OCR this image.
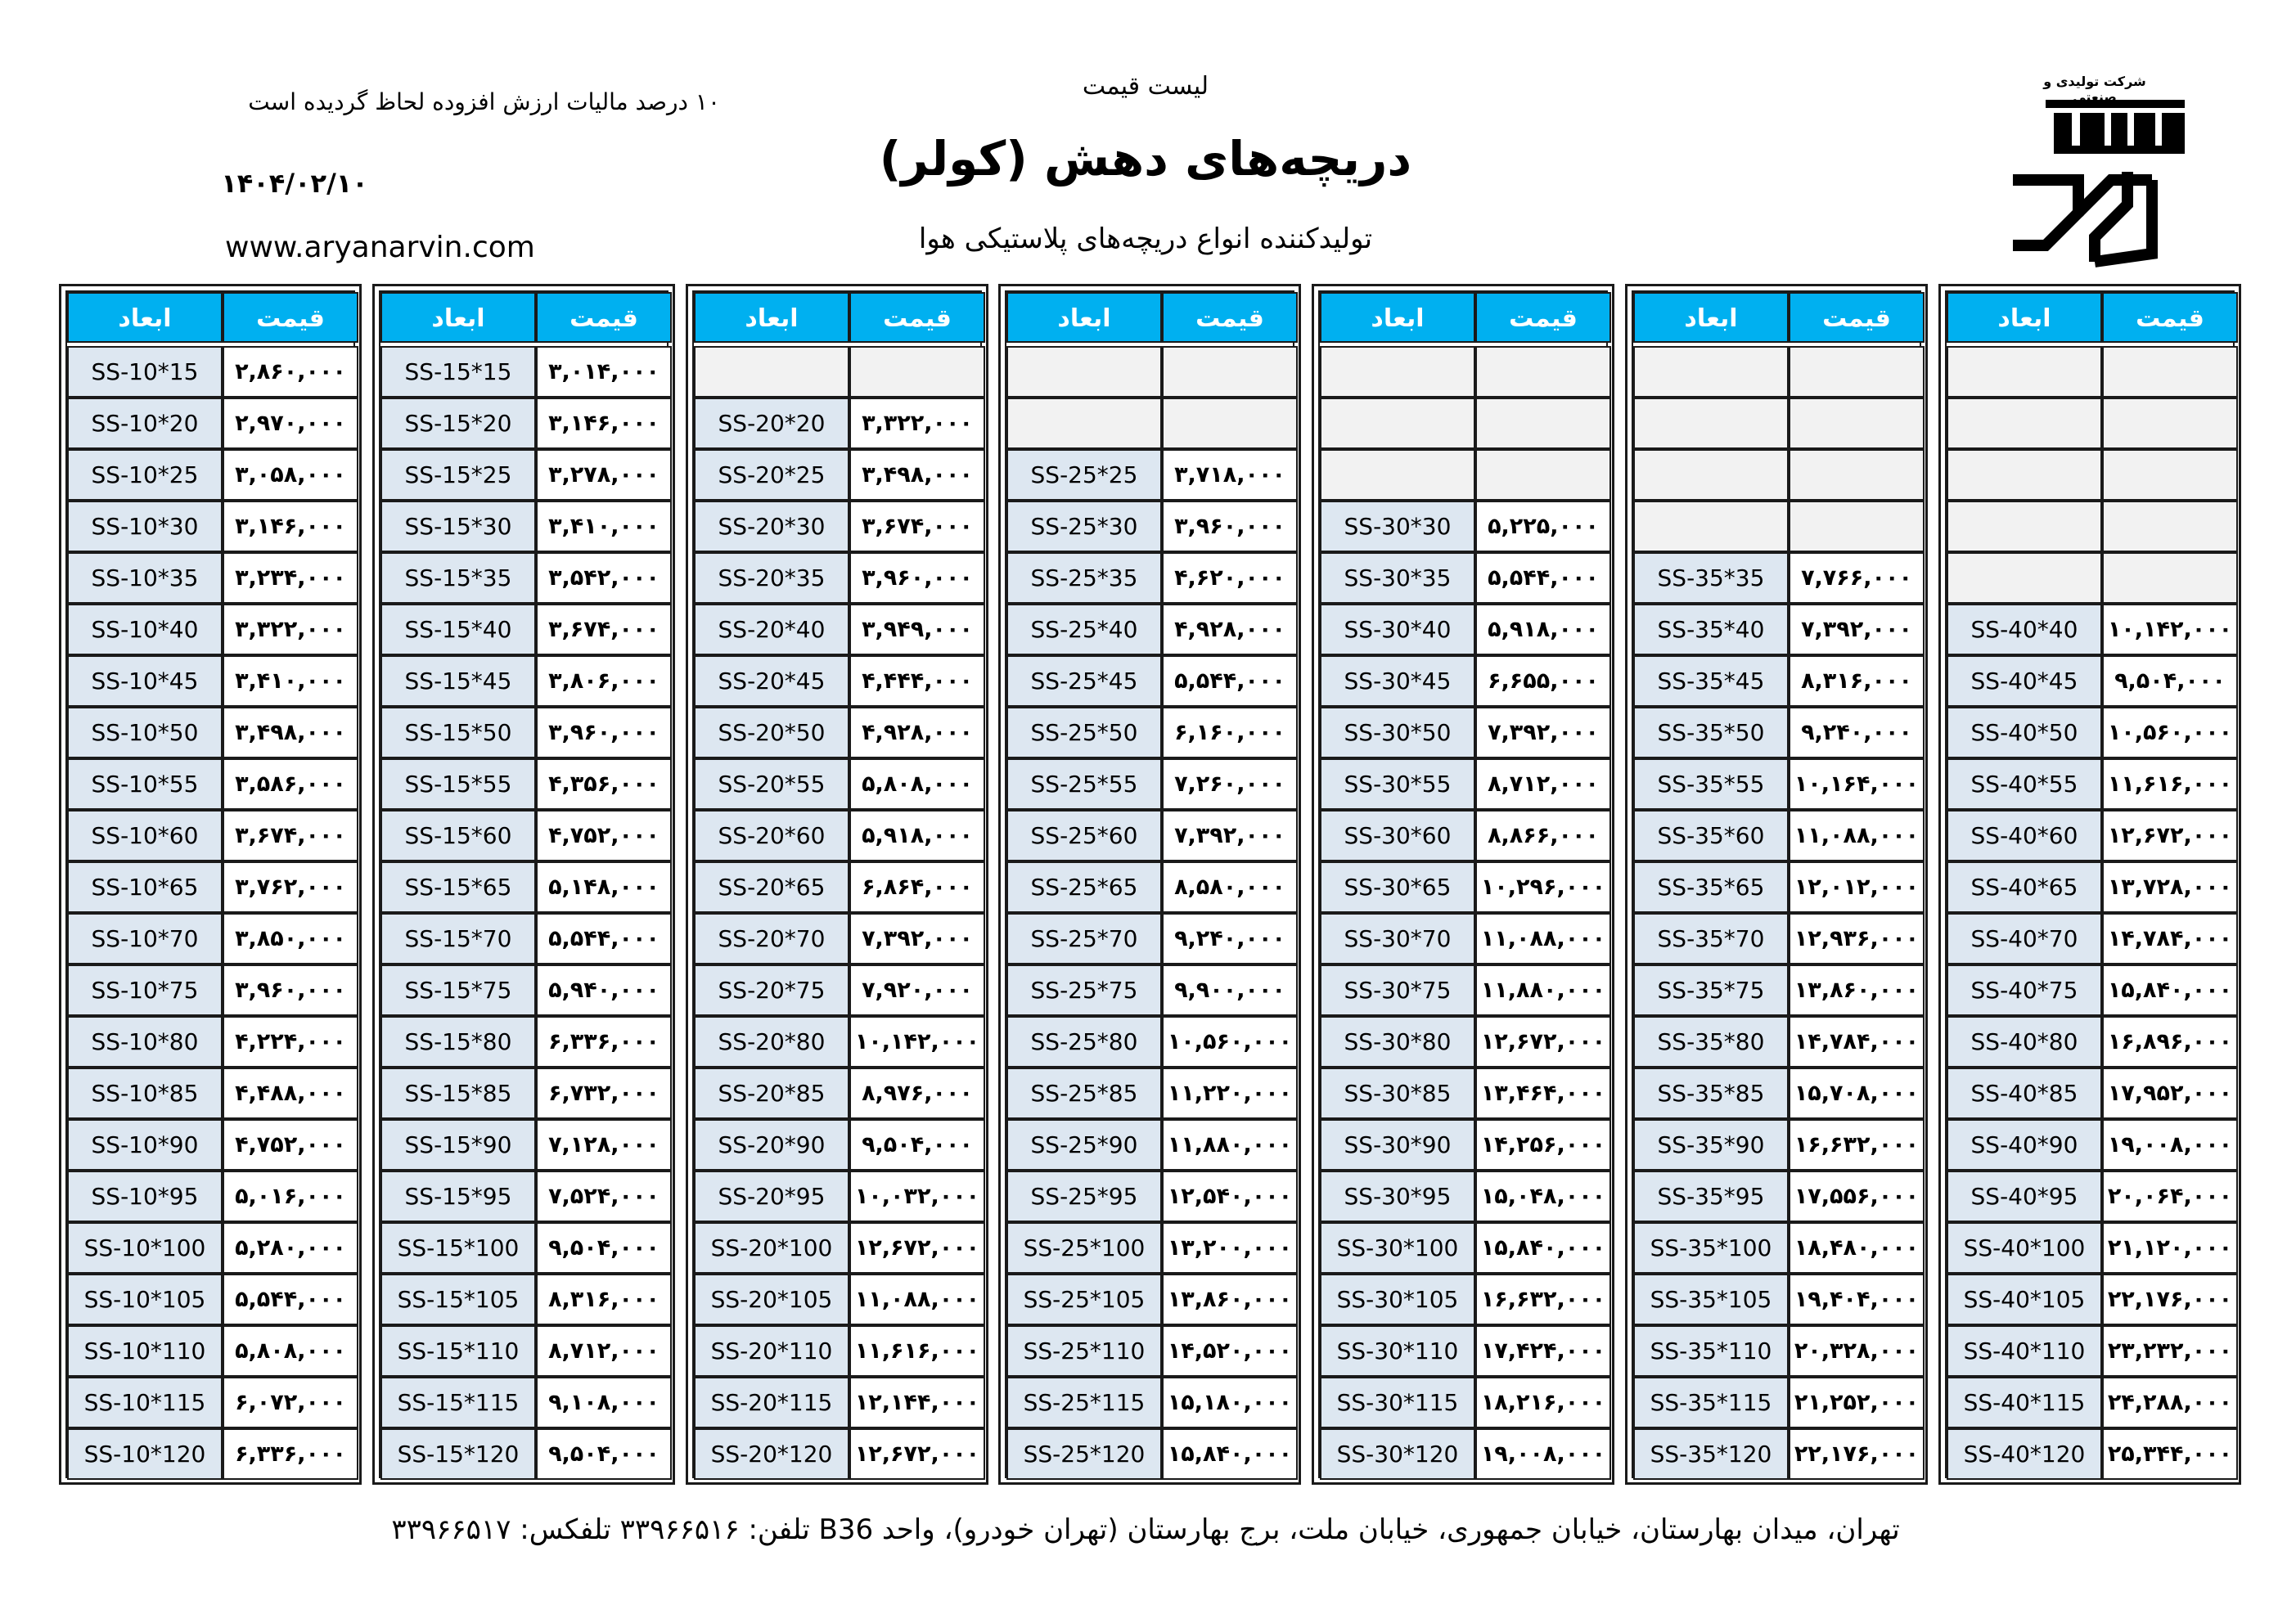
لیست قیمت
دریچه‌های دهش (کولر)
تولیدکننده انواع دریچه‌های پلاستیکی هوا
۱۰ درصد مالیات ارزش افزوده لحاظ گردیده است
۱۴۰۴/۰۲/۱۰
www.aryanarvin.com
شرکت تولیدی و صنعتی
ابعاد	قیمت
SS-10*15	۲,۸۶۰,۰۰۰
SS-10*20	۲,۹۷۰,۰۰۰
SS-10*25	۳,۰۵۸,۰۰۰
SS-10*30	۳,۱۴۶,۰۰۰
SS-10*35	۳,۲۳۴,۰۰۰
SS-10*40	۳,۳۲۲,۰۰۰
SS-10*45	۳,۴۱۰,۰۰۰
SS-10*50	۳,۴۹۸,۰۰۰
SS-10*55	۳,۵۸۶,۰۰۰
SS-10*60	۳,۶۷۴,۰۰۰
SS-10*65	۳,۷۶۲,۰۰۰
SS-10*70	۳,۸۵۰,۰۰۰
SS-10*75	۳,۹۶۰,۰۰۰
SS-10*80	۴,۲۲۴,۰۰۰
SS-10*85	۴,۴۸۸,۰۰۰
SS-10*90	۴,۷۵۲,۰۰۰
SS-10*95	۵,۰۱۶,۰۰۰
SS-10*100	۵,۲۸۰,۰۰۰
SS-10*105	۵,۵۴۴,۰۰۰
SS-10*110	۵,۸۰۸,۰۰۰
SS-10*115	۶,۰۷۲,۰۰۰
SS-10*120	۶,۳۳۶,۰۰۰
ابعاد	قیمت
SS-15*15	۳,۰۱۴,۰۰۰
SS-15*20	۳,۱۴۶,۰۰۰
SS-15*25	۳,۲۷۸,۰۰۰
SS-15*30	۳,۴۱۰,۰۰۰
SS-15*35	۳,۵۴۲,۰۰۰
SS-15*40	۳,۶۷۴,۰۰۰
SS-15*45	۳,۸۰۶,۰۰۰
SS-15*50	۳,۹۶۰,۰۰۰
SS-15*55	۴,۳۵۶,۰۰۰
SS-15*60	۴,۷۵۲,۰۰۰
SS-15*65	۵,۱۴۸,۰۰۰
SS-15*70	۵,۵۴۴,۰۰۰
SS-15*75	۵,۹۴۰,۰۰۰
SS-15*80	۶,۳۳۶,۰۰۰
SS-15*85	۶,۷۳۲,۰۰۰
SS-15*90	۷,۱۲۸,۰۰۰
SS-15*95	۷,۵۲۴,۰۰۰
SS-15*100	۹,۵۰۴,۰۰۰
SS-15*105	۸,۳۱۶,۰۰۰
SS-15*110	۸,۷۱۲,۰۰۰
SS-15*115	۹,۱۰۸,۰۰۰
SS-15*120	۹,۵۰۴,۰۰۰
ابعاد	قیمت
SS-20*20	۳,۳۲۲,۰۰۰
SS-20*25	۳,۴۹۸,۰۰۰
SS-20*30	۳,۶۷۴,۰۰۰
SS-20*35	۳,۹۶۰,۰۰۰
SS-20*40	۳,۹۴۹,۰۰۰
SS-20*45	۴,۴۴۴,۰۰۰
SS-20*50	۴,۹۲۸,۰۰۰
SS-20*55	۵,۸۰۸,۰۰۰
SS-20*60	۵,۹۱۸,۰۰۰
SS-20*65	۶,۸۶۴,۰۰۰
SS-20*70	۷,۳۹۲,۰۰۰
SS-20*75	۷,۹۲۰,۰۰۰
SS-20*80	۱۰,۱۴۲,۰۰۰
SS-20*85	۸,۹۷۶,۰۰۰
SS-20*90	۹,۵۰۴,۰۰۰
SS-20*95	۱۰,۰۳۲,۰۰۰
SS-20*100	۱۲,۶۷۲,۰۰۰
SS-20*105	۱۱,۰۸۸,۰۰۰
SS-20*110	۱۱,۶۱۶,۰۰۰
SS-20*115	۱۲,۱۴۴,۰۰۰
SS-20*120	۱۲,۶۷۲,۰۰۰
ابعاد	قیمت
SS-25*25	۳,۷۱۸,۰۰۰
SS-25*30	۳,۹۶۰,۰۰۰
SS-25*35	۴,۶۲۰,۰۰۰
SS-25*40	۴,۹۲۸,۰۰۰
SS-25*45	۵,۵۴۴,۰۰۰
SS-25*50	۶,۱۶۰,۰۰۰
SS-25*55	۷,۲۶۰,۰۰۰
SS-25*60	۷,۳۹۲,۰۰۰
SS-25*65	۸,۵۸۰,۰۰۰
SS-25*70	۹,۲۴۰,۰۰۰
SS-25*75	۹,۹۰۰,۰۰۰
SS-25*80	۱۰,۵۶۰,۰۰۰
SS-25*85	۱۱,۲۲۰,۰۰۰
SS-25*90	۱۱,۸۸۰,۰۰۰
SS-25*95	۱۲,۵۴۰,۰۰۰
SS-25*100	۱۳,۲۰۰,۰۰۰
SS-25*105	۱۳,۸۶۰,۰۰۰
SS-25*110	۱۴,۵۲۰,۰۰۰
SS-25*115	۱۵,۱۸۰,۰۰۰
SS-25*120	۱۵,۸۴۰,۰۰۰
ابعاد	قیمت
SS-30*30	۵,۲۲۵,۰۰۰
SS-30*35	۵,۵۴۴,۰۰۰
SS-30*40	۵,۹۱۸,۰۰۰
SS-30*45	۶,۶۵۵,۰۰۰
SS-30*50	۷,۳۹۲,۰۰۰
SS-30*55	۸,۷۱۲,۰۰۰
SS-30*60	۸,۸۶۶,۰۰۰
SS-30*65	۱۰,۲۹۶,۰۰۰
SS-30*70	۱۱,۰۸۸,۰۰۰
SS-30*75	۱۱,۸۸۰,۰۰۰
SS-30*80	۱۲,۶۷۲,۰۰۰
SS-30*85	۱۳,۴۶۴,۰۰۰
SS-30*90	۱۴,۲۵۶,۰۰۰
SS-30*95	۱۵,۰۴۸,۰۰۰
SS-30*100	۱۵,۸۴۰,۰۰۰
SS-30*105	۱۶,۶۳۲,۰۰۰
SS-30*110	۱۷,۴۲۴,۰۰۰
SS-30*115	۱۸,۲۱۶,۰۰۰
SS-30*120	۱۹,۰۰۸,۰۰۰
ابعاد	قیمت
SS-35*35	۷,۷۶۶,۰۰۰
SS-35*40	۷,۳۹۲,۰۰۰
SS-35*45	۸,۳۱۶,۰۰۰
SS-35*50	۹,۲۴۰,۰۰۰
SS-35*55	۱۰,۱۶۴,۰۰۰
SS-35*60	۱۱,۰۸۸,۰۰۰
SS-35*65	۱۲,۰۱۲,۰۰۰
SS-35*70	۱۲,۹۳۶,۰۰۰
SS-35*75	۱۳,۸۶۰,۰۰۰
SS-35*80	۱۴,۷۸۴,۰۰۰
SS-35*85	۱۵,۷۰۸,۰۰۰
SS-35*90	۱۶,۶۳۲,۰۰۰
SS-35*95	۱۷,۵۵۶,۰۰۰
SS-35*100	۱۸,۴۸۰,۰۰۰
SS-35*105	۱۹,۴۰۴,۰۰۰
SS-35*110	۲۰,۳۲۸,۰۰۰
SS-35*115	۲۱,۲۵۲,۰۰۰
SS-35*120	۲۲,۱۷۶,۰۰۰
ابعاد	قیمت
SS-40*40	۱۰,۱۴۲,۰۰۰
SS-40*45	۹,۵۰۴,۰۰۰
SS-40*50	۱۰,۵۶۰,۰۰۰
SS-40*55	۱۱,۶۱۶,۰۰۰
SS-40*60	۱۲,۶۷۲,۰۰۰
SS-40*65	۱۳,۷۲۸,۰۰۰
SS-40*70	۱۴,۷۸۴,۰۰۰
SS-40*75	۱۵,۸۴۰,۰۰۰
SS-40*80	۱۶,۸۹۶,۰۰۰
SS-40*85	۱۷,۹۵۲,۰۰۰
SS-40*90	۱۹,۰۰۸,۰۰۰
SS-40*95	۲۰,۰۶۴,۰۰۰
SS-40*100	۲۱,۱۲۰,۰۰۰
SS-40*105	۲۲,۱۷۶,۰۰۰
SS-40*110	۲۳,۲۳۲,۰۰۰
SS-40*115	۲۴,۲۸۸,۰۰۰
SS-40*120	۲۵,۳۴۴,۰۰۰
تهران، میدان بهارستان، خیابان جمهوری، خیابان ملت، برج بهارستان (تهران خودرو)، واحد B36 تلفن: ۳۳۹۶۶۵۱۶ تلفکس: ۳۳۹۶۶۵۱۷
